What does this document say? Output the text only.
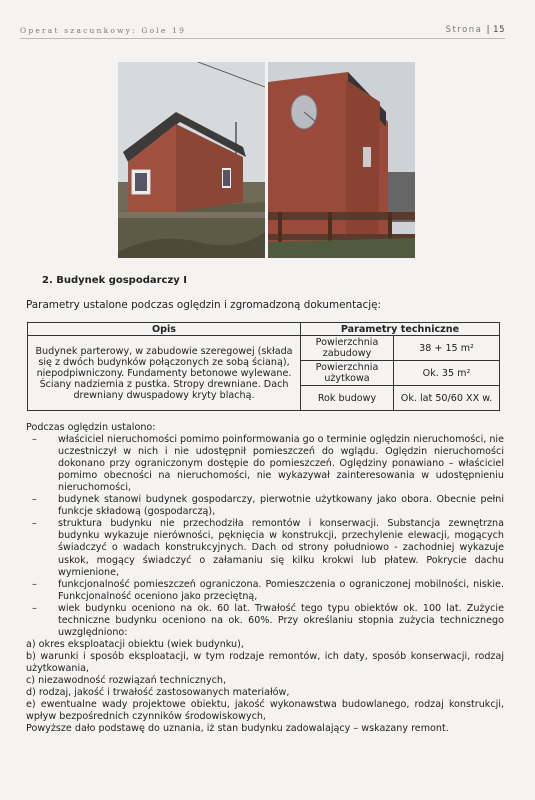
Operat szacunkowy: Gole 19	Strona | 15
2. Budynek gospodarczy I
Parametry ustalone podczas oględzin i zgromadzoną dokumentację:
Opis	Parametry techniczne	
Budynek parterowy, w zabudowie szeregowej (składa się z dwóch budynków połączonych ze sobą ścianą), niepodpiwniczony. Fundamenty betonowe wylewane. Ściany nadziemia z pustka. Stropy drewniane. Dach drewniany dwuspadowy kryty blachą.	Powierzchnia zabudowy	38 + 15 m²
	Powierzchnia użytkowa	Ok. 35 m²
	Rok budowy	Ok. lat 50/60 XX w.

Podczas oględzin ustalono:

– właściciel nieruchomości pomimo poinformowania go o terminie oględzin nieruchomości, nie uczestniczył w nich i nie udostępnił pomieszczeń do wglądu. Oględzin nieruchomości dokonano przy ograniczonym dostępie do pomieszczeń. Oględziny ponawiano – właściciel pomimo obecności na nieruchomości, nie wykazywał zainteresowania w udostępnieniu nieruchomości,
– budynek stanowi budynek gospodarczy, pierwotnie użytkowany jako obora. Obecnie pełni funkcje składową (gospodarczą),
– struktura budynku nie przechodziła remontów i konserwacji. Substancja zewnętrzna budynku wykazuje nierówności, pęknięcia w konstrukcji, przechylenie elewacji, mogących świadczyć o wadach konstrukcyjnych. Dach od strony południowo - zachodniej wykazuje uskok, mogący świadczyć o załamaniu się kilku krokwi lub płatew. Pokrycie dachu wymienione,
– funkcjonalność pomieszczeń ograniczona. Pomieszczenia o ograniczonej mobilności, niskie. Funkcjonalność oceniono jako przeciętną,
– wiek budynku oceniono na ok. 60 lat. Trwałość tego typu obiektów ok. 100 lat. Zużycie techniczne budynku oceniono na ok. 60%. Przy określaniu stopnia zużycia technicznego uwzględniono:
a) okres eksploatacji obiektu (wiek budynku),
b) warunki i sposób eksploatacji, w tym rodzaje remontów, ich daty, sposób konserwacji, rodzaj użytkowania,
c) niezawodność rozwiązań technicznych,
d) rodzaj, jakość i trwałość zastosowanych materiałów,
e) ewentualne wady projektowe obiektu, jakość wykonawstwa budowlanego, rodzaj konstrukcji, wpływ bezpośrednich czynników środowiskowych,

Powyższe dało podstawę do uznania, iż stan budynku zadowalający – wskazany remont.
